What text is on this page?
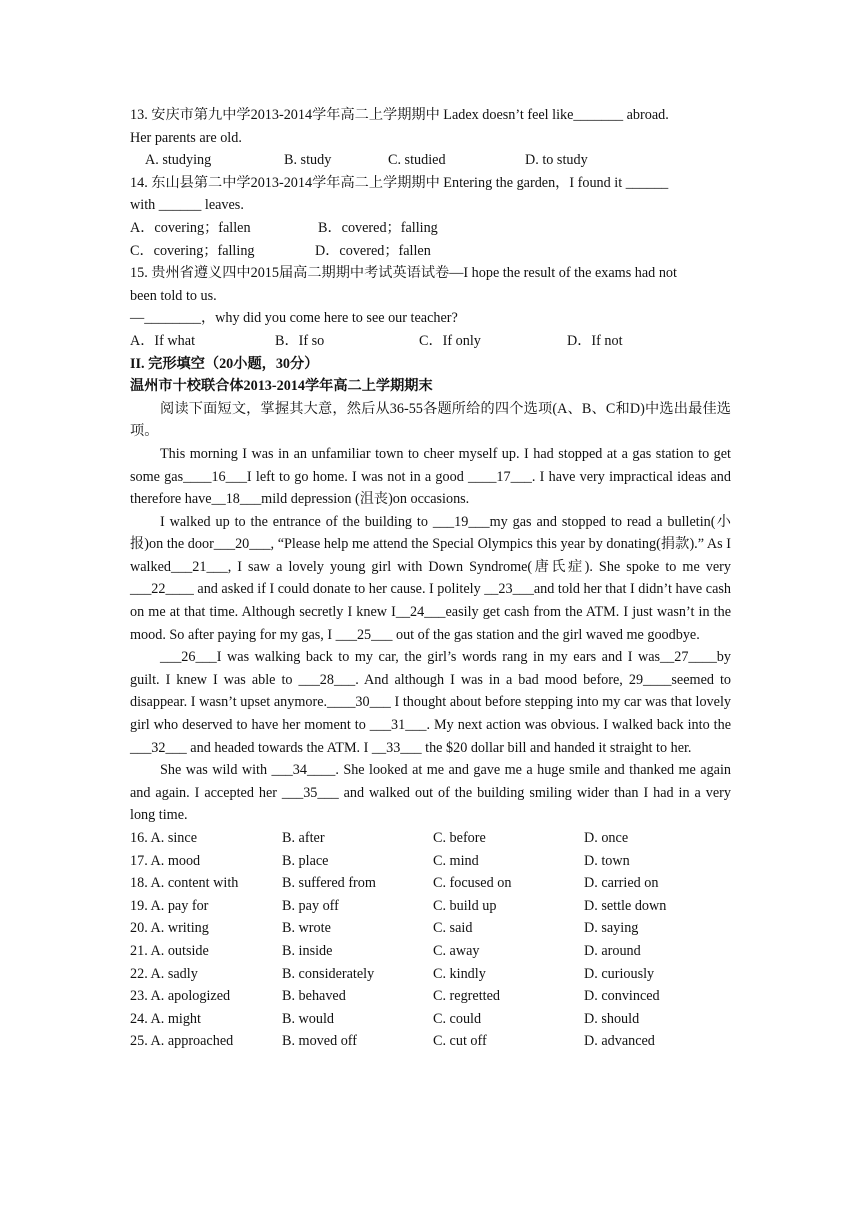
13. 安庆市第九中学2013-2014学年高二上学期期中 Ladex doesn’t feel like_______ abroad.

Her parents are old.

A. studying	B. study	C. studied	D. to study

14. 东山县第二中学2013-2014学年高二上学期期中 Entering the garden，I found it ______

with ______ leaves.

A．covering；fallen	B．covered；falling
C．covering；falling	D．covered；fallen

15. 贵州省遵义四中2015届高二期期中考试英语试卷—I hope the result of the exams had not

been told to us.

—________，why did you come here to see our teacher?

A．If what	B．If so	C．If only	D．If not

II. 完形填空（20小题，30分）

温州市十校联合体2013-2014学年高二上学期期末

阅读下面短文，掌握其大意，然后从36-55各题所给的四个选项(A、B、C和D)中选出最佳选项。

This morning I was in an unfamiliar town to cheer myself up. I had stopped at a gas station to get some gas____16___I left to go home. I was not in a good ____17___. I have very impractical ideas and therefore have__18___mild depression (沮丧)on occasions.

I walked up to the entrance of the building to ___19___my gas and stopped to read a bulletin(小报)on the door___20___, “Please help me attend the Special Olympics this year by donating(捐款).” As I walked___21___, I saw a lovely young girl with Down Syndrome(唐氏症). She spoke to me very ___22____ and asked if I could donate to her cause. I politely __23___and told her that I didn’t have cash on me at that time. Although secretly I knew I__24___easily get cash from the ATM. I just wasn’t in the mood. So after paying for my gas, I ___25___ out of the gas station and the girl waved me goodbye.

___26___I was walking back to my car, the girl’s words rang in my ears and I was__27____by guilt. I knew I was able to ___28___. And although I was in a bad mood before, 29____seemed to disappear. I wasn’t upset anymore.____30___ I thought about before stepping into my car was that lovely girl who deserved to have her moment to ___31___. My next action was obvious. I walked back into the ___32___ and headed towards the ATM. I __33___ the $20 dollar bill and handed it straight to her.

She was wild with ___34____. She looked at me and gave me a huge smile and thanked me again and again. I accepted her ___35___ and walked out of the building smiling wider than I had in a very long time.

16. A. since	B. after	C. before	D. once
17. A. mood	B. place	C. mind	D. town
18. A. content with	B. suffered from	C. focused on	D. carried on
19. A. pay for	B. pay off	C. build up	D. settle down
20. A. writing	B. wrote	C. said	D. saying
21. A. outside	B. inside	C. away	D. around
22. A. sadly	B. considerately	C. kindly	D. curiously
23. A. apologized	B. behaved	C. regretted	D. convinced
24. A. might	B. would	C. could	D. should
25. A. approached	B. moved off	C. cut off	D. advanced
